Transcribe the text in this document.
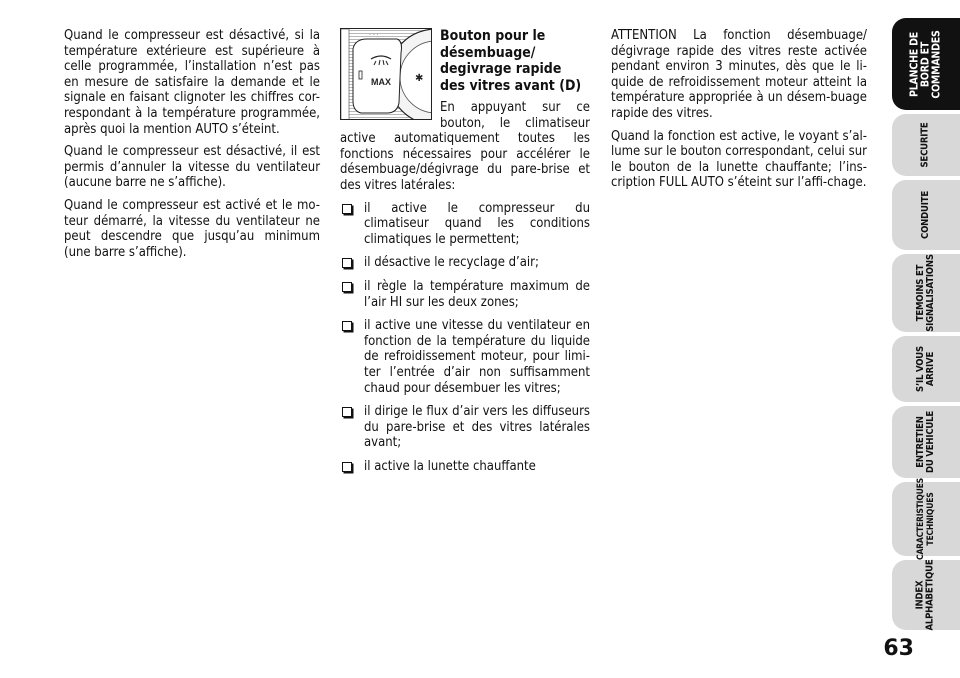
Quand le compresseur est désactivé, si la température extérieure est supérieure à celle programmée, l’installation n’est pas en mesure de satisfaire la demande et le signale en faisant clignoter les chiffres cor-respondant à la température programmée, après quoi la mention AUTO s’éteint.

Quand le compresseur est désactivé, il est permis d’annuler la vitesse du ventilateur (aucune barre ne s’affiche).

Quand le compresseur est activé et le mo-teur démarré, la vitesse du ventilateur ne peut descendre que jusqu’au minimum (une barre s’affiche).

MAX ✱
· · ·	Bouton pour le désembuage/ degivrage rapide des vitres avant (D)

En appuyant sur ce bouton, le climatiseur active automatiquement toutes les fonctions nécessaires pour accélérer le désembuage/dégivrage du pare-brise et des vitres latérales:

il active le compresseur du climatiseur quand les conditions climatiques le permettent;
il désactive le recyclage d’air;
il règle la température maximum de l’air HI sur les deux zones;
il active une vitesse du ventilateur en fonction de la température du liquide de refroidissement moteur, pour limi-ter l’entrée d’air non suffisamment chaud pour désembuer les vitres;
il dirige le flux d’air vers les diffuseurs du pare-brise et des vitres latérales avant;
il active la lunette chauffante

ATTENTION La fonction désembuage/ dégivrage rapide des vitres reste activée pendant environ 3 minutes, dès que le li-quide de refroidissement moteur atteint la température appropriée à un désem-buage rapide des vitres.

Quand la fonction est active, le voyant s’al-lume sur le bouton correspondant, celui sur le bouton de la lunette chauffante; l’ins-cription FULL AUTO s’éteint sur l’affi-chage.

PLANCHE DE BORD ET COMMANDES
SECURITE
CONDUITE
TEMOINS ET SIGNALISATIONS
S’IL VOUS ARRIVE
ENTRETIEN DU VEHICULE
CARACTERISTIQUES TECHNIQUES
INDEX ALPHABETIQUE
63
